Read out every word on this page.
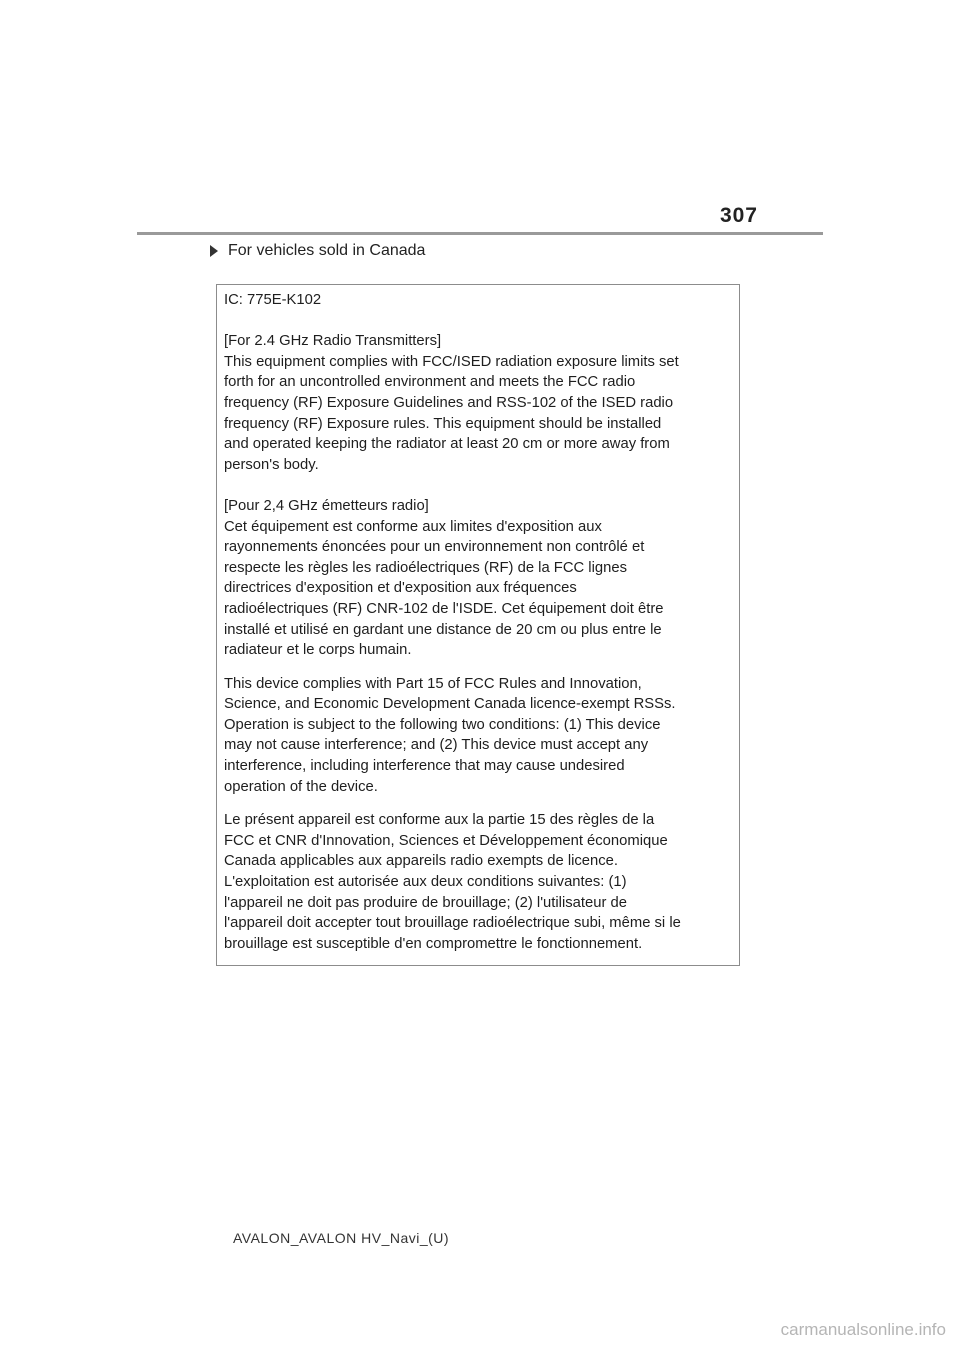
307
For vehicles sold in Canada

IC: 775E-K102

[For 2.4 GHz Radio Transmitters]

This equipment complies with FCC/ISED radiation exposure limits set
forth for an uncontrolled environment and meets the FCC radio
frequency (RF) Exposure Guidelines and RSS-102 of the ISED radio
frequency (RF) Exposure rules. This equipment should be installed
and operated keeping the radiator at least 20 cm or more away from
person's body.

[Pour 2,4 GHz émetteurs radio]

Cet équipement est conforme aux limites d'exposition aux
rayonnements énoncées pour un environnement non contrôlé et
respecte les règles les radioélectriques (RF) de la FCC lignes
directrices d'exposition et d'exposition aux fréquences
radioélectriques (RF) CNR-102 de l'ISDE. Cet équipement doit être
installé et utilisé en gardant une distance de 20 cm ou plus entre le
radiateur et le corps humain.

This device complies with Part 15 of FCC Rules and Innovation,
Science, and Economic Development Canada licence-exempt RSSs.
Operation is subject to the following two conditions: (1) This device
may not cause interference; and (2) This device must accept any
interference, including interference that may cause undesired
operation of the device.

Le présent appareil est conforme aux la partie 15 des règles de la
FCC et CNR d'Innovation, Sciences et Développement économique
Canada applicables aux appareils radio exempts de licence.
L'exploitation est autorisée aux deux conditions suivantes: (1)
l'appareil ne doit pas produire de brouillage; (2) l'utilisateur de
l'appareil doit accepter tout brouillage radioélectrique subi, même si le
brouillage est susceptible d'en compromettre le fonctionnement.

AVALON_AVALON HV_Navi_(U)
carmanualsonline.info
